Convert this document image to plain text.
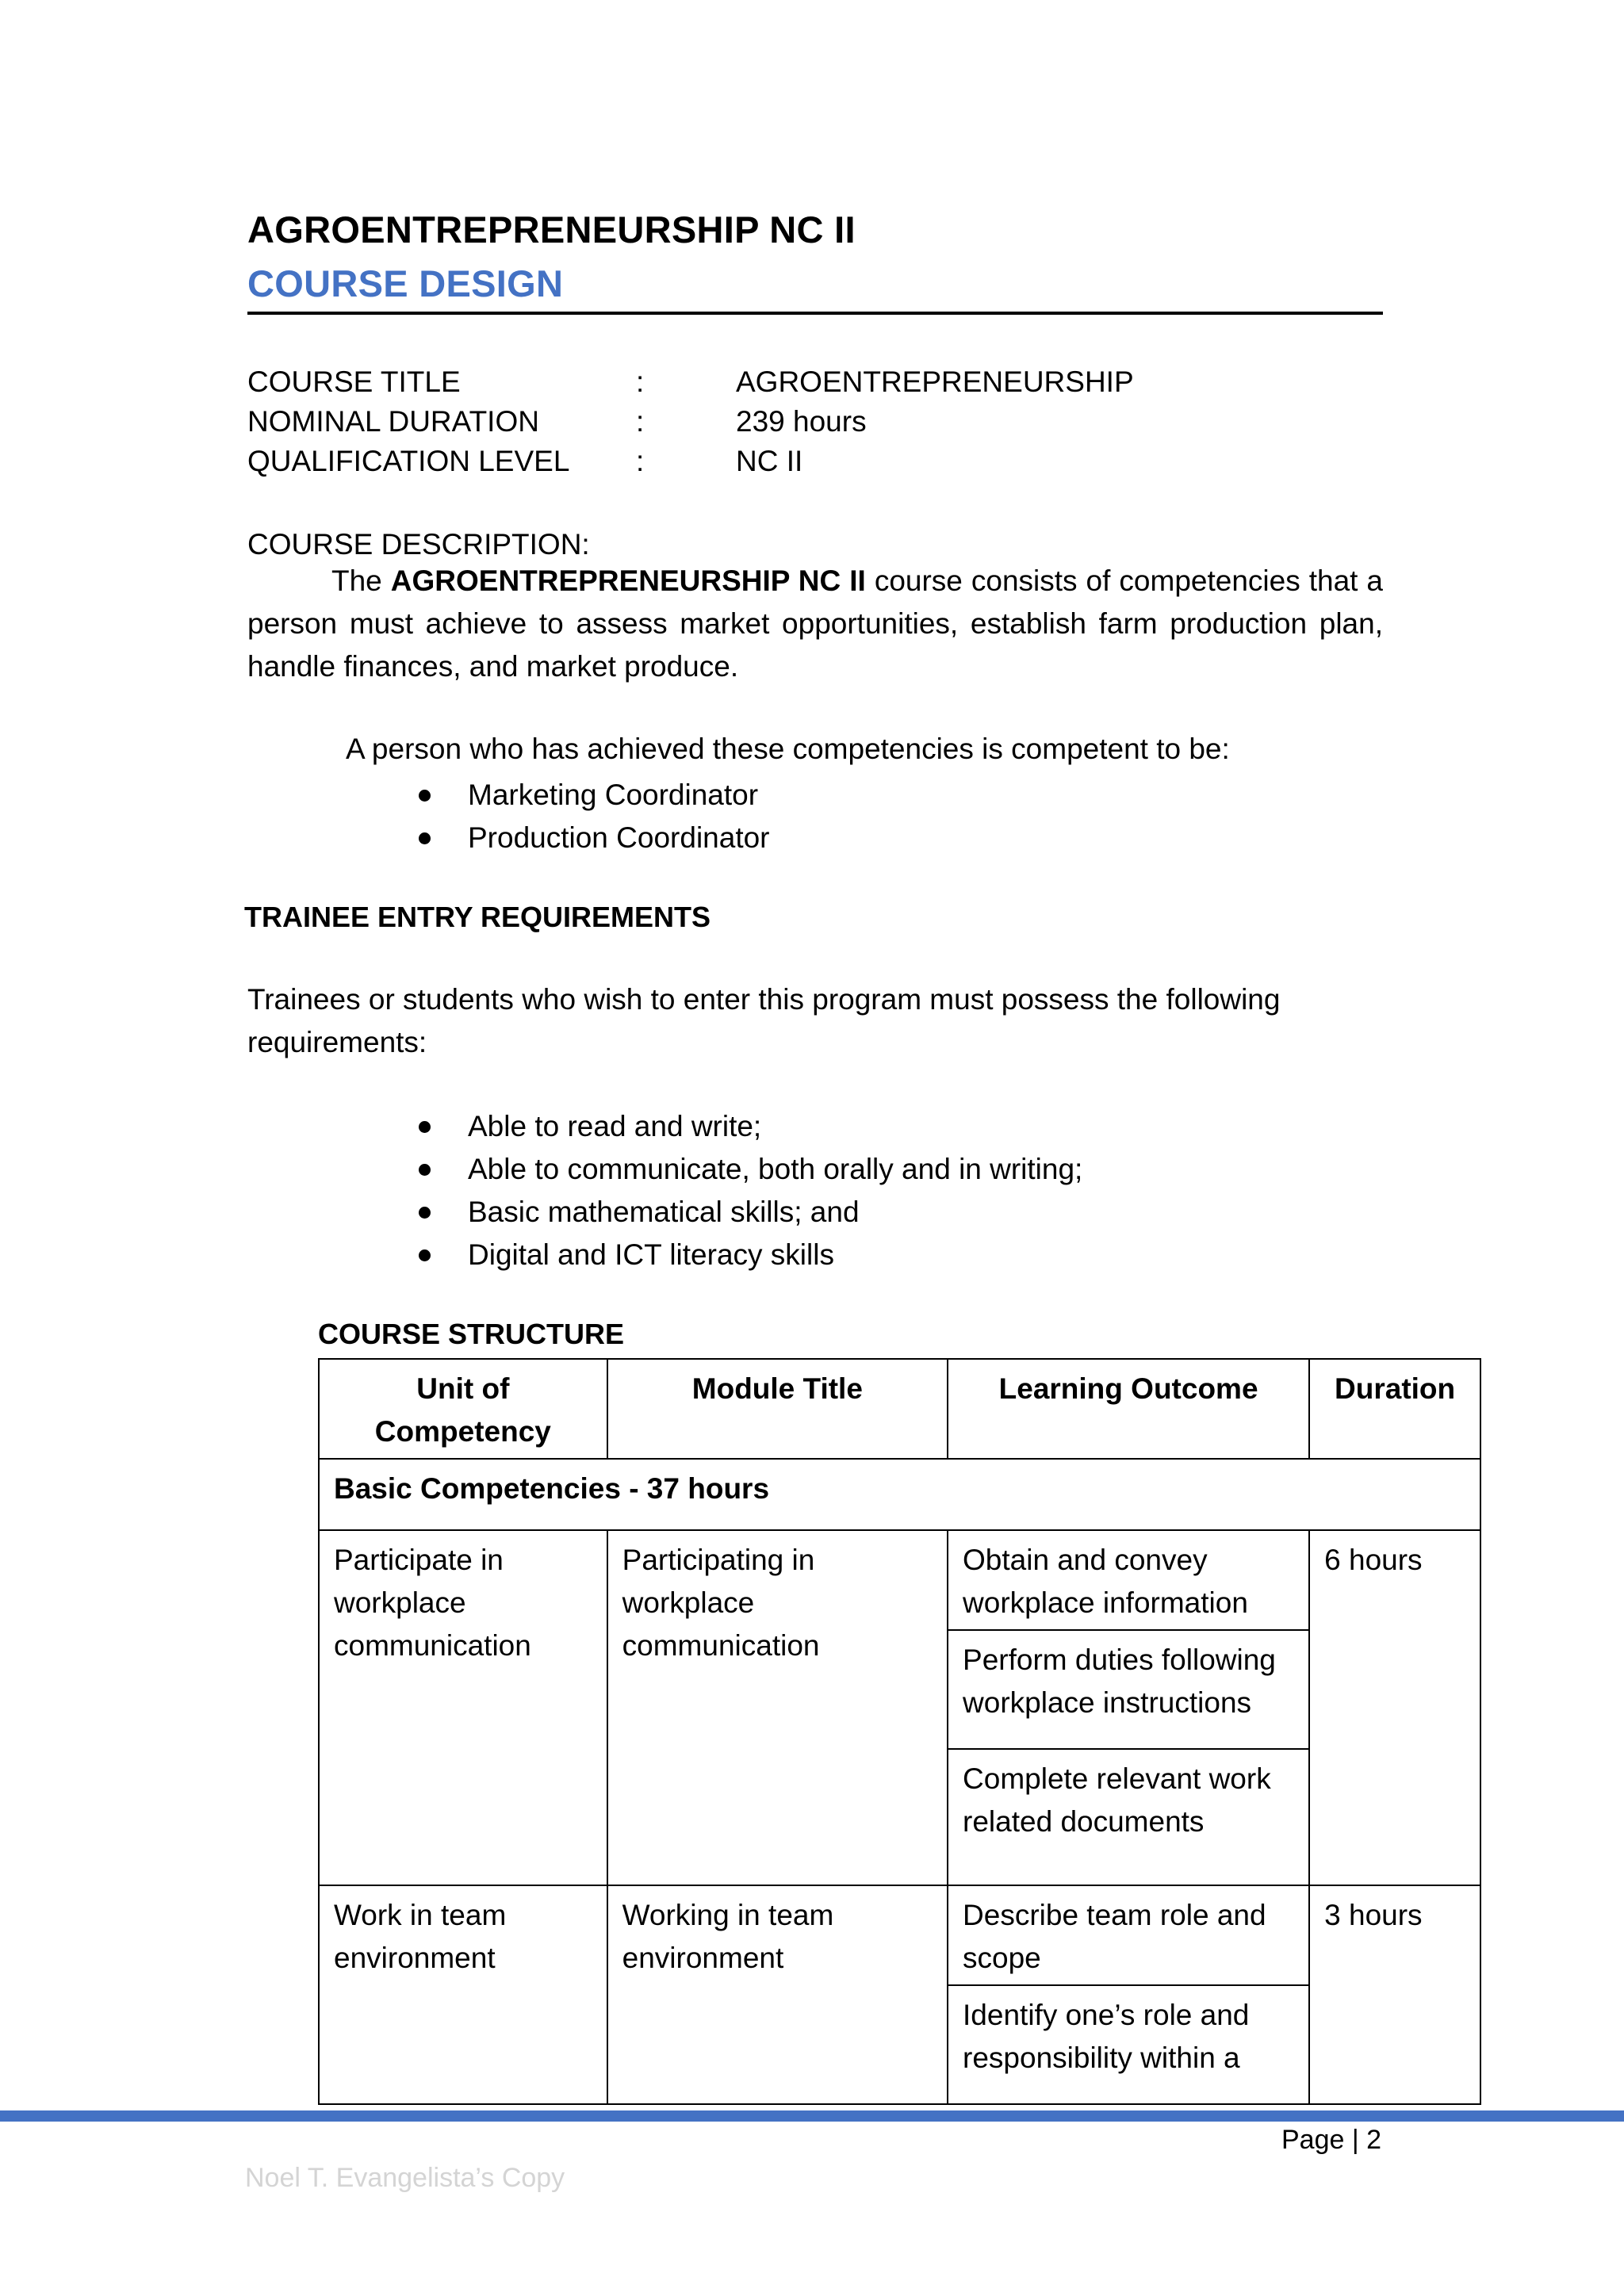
AGROENTREPRENEURSHIP NC II
COURSE DESIGN
COURSE TITLE	:	AGROENTREPRENEURSHIP
NOMINAL DURATION	:	239 hours
QUALIFICATION LEVEL :	NC II
COURSE DESCRIPTION:
The AGROENTREPRENEURSHIP NC II course consists of competencies that a person must achieve to assess market opportunities, establish farm production plan, handle finances, and market produce.
A person who has achieved these competencies is competent to be:
Marketing Coordinator
Production Coordinator
TRAINEE ENTRY REQUIREMENTS
Trainees or students who wish to enter this program must possess the following requirements:
Able to read and write;
Able to communicate, both orally and in writing;
Basic mathematical skills; and
Digital and ICT literacy skills
COURSE STRUCTURE
Unit of Competency	Module Title	Learning Outcome	Duration
Basic Competencies - 37 hours			
Participate in workplace communication	Participating in workplace communication	Obtain and convey workplace information	6 hours
		Perform duties following workplace instructions	
		Complete relevant work related documents	
Work in team environment	Working in team environment	Describe team role and scope	3 hours
		Identify one’s role and responsibility within a	
Page | 2
Noel T. Evangelista’s Copy
